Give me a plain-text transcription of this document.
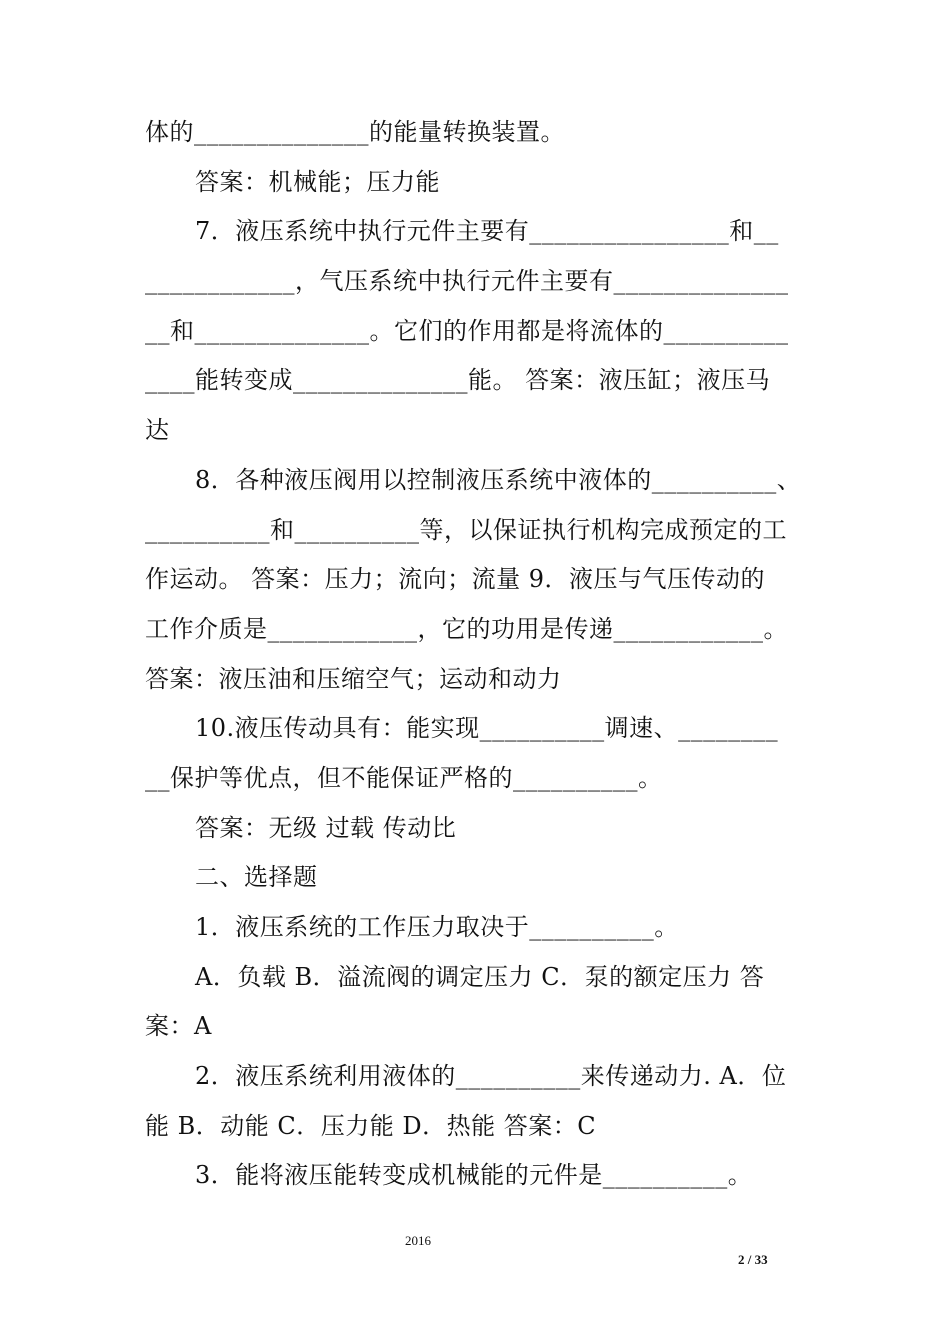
体的______________的能量转换装置。
答案：机械能；压力能
7．液压系统中执行元件主要有________________和__
____________，气压系统中执行元件主要有______________
__和______________。它们的作用都是将流体的__________
____能转变成______________能。 答案：液压缸；液压马
达
8．各种液压阀用以控制液压系统中液体的__________、
__________和__________等，以保证执行机构完成预定的工
作运动。 答案：压力；流向；流量 9．液压与气压传动的
工作介质是____________，它的功用是传递____________。
答案：液压油和压缩空气；运动和动力
10.液压传动具有：能实现__________调速、________
__保护等优点，但不能保证严格的__________。
答案：无级 过载 传动比
二、选择题
1．液压系统的工作压力取决于__________。
A．负载 B．溢流阀的调定压力 C．泵的额定压力 答
案：A
2．液压系统利用液体的__________来传递动力. A．位
能 B．动能 C．压力能 D．热能 答案：C
3．能将液压能转变成机械能的元件是__________。
2016
2 / 33
